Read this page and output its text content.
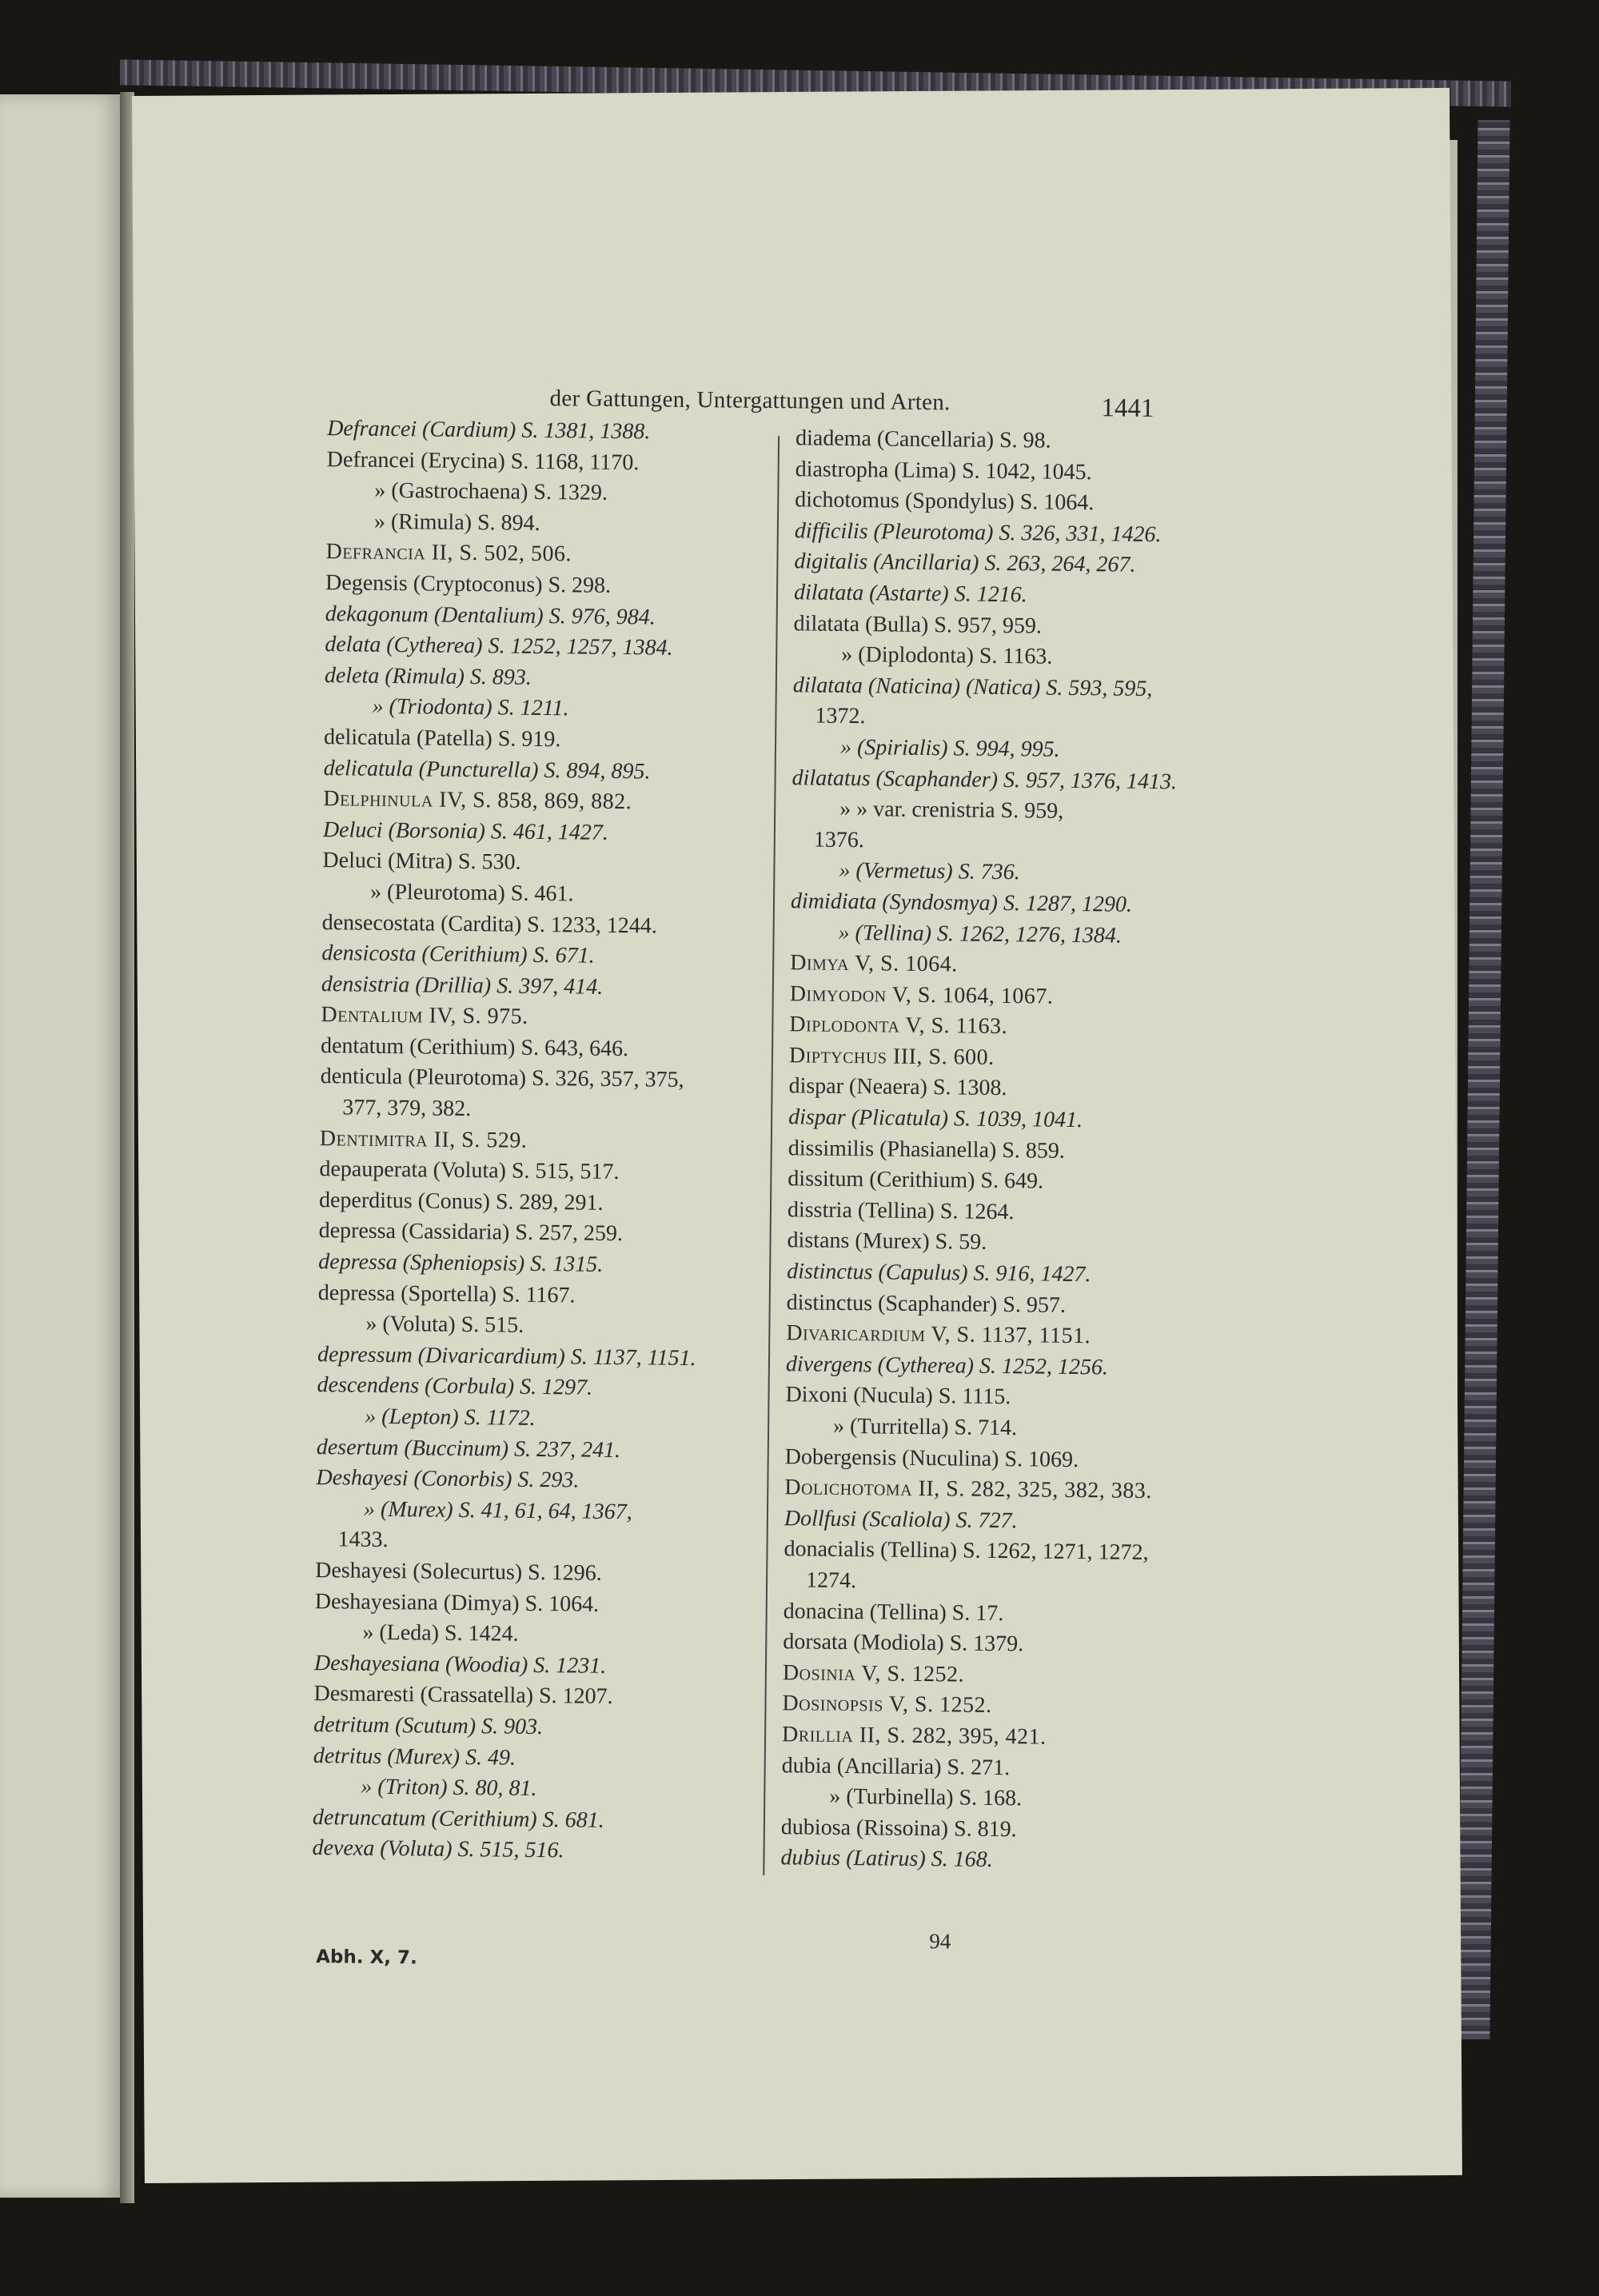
der Gattungen, Untergattungen und Arten.	1441
Defrancei (Cardium) S. 1381, 1388.
Defrancei (Erycina) S. 1168, 1170.
» (Gastrochaena) S. 1329.
» (Rimula) S. 894.
Defrancia II, S. 502, 506.
Degensis (Cryptoconus) S. 298.
dekagonum (Dentalium) S. 976, 984.
delata (Cytherea) S. 1252, 1257, 1384.
deleta (Rimula) S. 893.
» (Triodonta) S. 1211.
delicatula (Patella) S. 919.
delicatula (Puncturella) S. 894, 895.
Delphinula IV, S. 858, 869, 882.
Deluci (Borsonia) S. 461, 1427.
Deluci (Mitra) S. 530.
» (Pleurotoma) S. 461.
densecostata (Cardita) S. 1233, 1244.
densicosta (Cerithium) S. 671.
densistria (Drillia) S. 397, 414.
Dentalium IV, S. 975.
dentatum (Cerithium) S. 643, 646.
denticula (Pleurotoma) S. 326, 357, 375,
377, 379, 382.
Dentimitra II, S. 529.
depauperata (Voluta) S. 515, 517.
deperditus (Conus) S. 289, 291.
depressa (Cassidaria) S. 257, 259.
depressa (Spheniopsis) S. 1315.
depressa (Sportella) S. 1167.
» (Voluta) S. 515.
depressum (Divaricardium) S. 1137, 1151.
descendens (Corbula) S. 1297.
» (Lepton) S. 1172.
desertum (Buccinum) S. 237, 241.
Deshayesi (Conorbis) S. 293.
» (Murex) S. 41, 61, 64, 1367,
1433.
Deshayesi (Solecurtus) S. 1296.
Deshayesiana (Dimya) S. 1064.
» (Leda) S. 1424.
Deshayesiana (Woodia) S. 1231.
Desmaresti (Crassatella) S. 1207.
detritum (Scutum) S. 903.
detritus (Murex) S. 49.
» (Triton) S. 80, 81.
detruncatum (Cerithium) S. 681.
devexa (Voluta) S. 515, 516.
diadema (Cancellaria) S. 98.
diastropha (Lima) S. 1042, 1045.
dichotomus (Spondylus) S. 1064.
difficilis (Pleurotoma) S. 326, 331, 1426.
digitalis (Ancillaria) S. 263, 264, 267.
dilatata (Astarte) S. 1216.
dilatata (Bulla) S. 957, 959.
» (Diplodonta) S. 1163.
dilatata (Naticina) (Natica) S. 593, 595,
1372.
» (Spirialis) S. 994, 995.
dilatatus (Scaphander) S. 957, 1376, 1413.
» » var. crenistria S. 959,
1376.
» (Vermetus) S. 736.
dimidiata (Syndosmya) S. 1287, 1290.
» (Tellina) S. 1262, 1276, 1384.
Dimya V, S. 1064.
Dimyodon V, S. 1064, 1067.
Diplodonta V, S. 1163.
Diptychus III, S. 600.
dispar (Neaera) S. 1308.
dispar (Plicatula) S. 1039, 1041.
dissimilis (Phasianella) S. 859.
dissitum (Cerithium) S. 649.
disstria (Tellina) S. 1264.
distans (Murex) S. 59.
distinctus (Capulus) S. 916, 1427.
distinctus (Scaphander) S. 957.
Divaricardium V, S. 1137, 1151.
divergens (Cytherea) S. 1252, 1256.
Dixoni (Nucula) S. 1115.
» (Turritella) S. 714.
Dobergensis (Nuculina) S. 1069.
Dolichotoma II, S. 282, 325, 382, 383.
Dollfusi (Scaliola) S. 727.
donacialis (Tellina) S. 1262, 1271, 1272,
1274.
donacina (Tellina) S. 17.
dorsata (Modiola) S. 1379.
Dosinia V, S. 1252.
Dosinopsis V, S. 1252.
Drillia II, S. 282, 395, 421.
dubia (Ancillaria) S. 271.
» (Turbinella) S. 168.
dubiosa (Rissoina) S. 819.
dubius (Latirus) S. 168.
Abh. X, 7.
94
